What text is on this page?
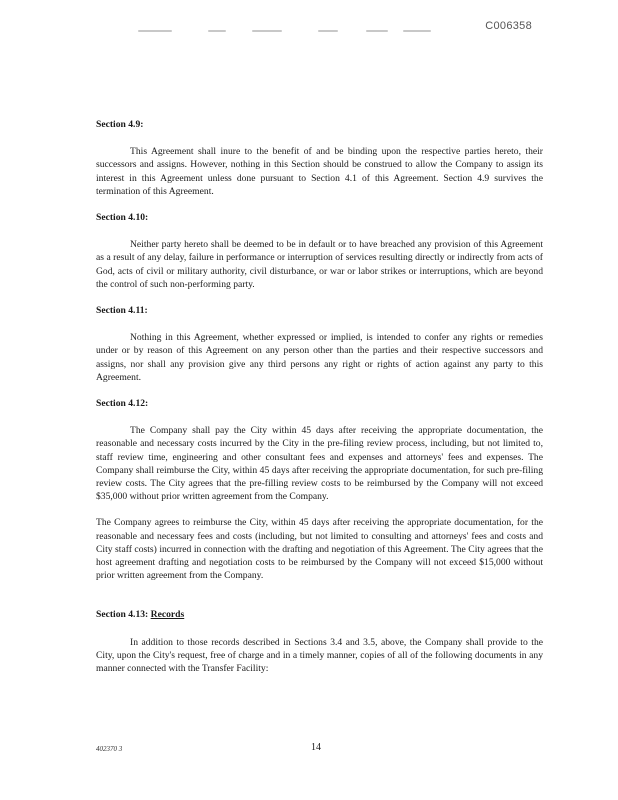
C006358

Section 4.9:

This Agreement shall inure to the benefit of and be binding upon the respective parties hereto, their successors and assigns. However, nothing in this Section should be construed to allow the Company to assign its interest in this Agreement unless done pursuant to Section 4.1 of this Agreement. Section 4.9 survives the termination of this Agreement.

Section 4.10:

Neither party hereto shall be deemed to be in default or to have breached any provision of this Agreement as a result of any delay, failure in performance or interruption of services resulting directly or indirectly from acts of God, acts of civil or military authority, civil disturbance, or war or labor strikes or interruptions, which are beyond the control of such non-performing party.

Section 4.11:

Nothing in this Agreement, whether expressed or implied, is intended to confer any rights or remedies under or by reason of this Agreement on any person other than the parties and their respective successors and assigns, nor shall any provision give any third persons any right or rights of action against any party to this Agreement.

Section 4.12:

The Company shall pay the City within 45 days after receiving the appropriate documentation, the reasonable and necessary costs incurred by the City in the pre-filing review process, including, but not limited to, staff review time, engineering and other consultant fees and expenses and attorneys' fees and expenses. The Company shall reimburse the City, within 45 days after receiving the appropriate documentation, for such pre-filing review costs. The City agrees that the pre-filling review costs to be reimbursed by the Company will not exceed $35,000 without prior written agreement from the Company.

The Company agrees to reimburse the City, within 45 days after receiving the appropriate documentation, for the reasonable and necessary fees and costs (including, but not limited to consulting and attorneys' fees and costs and City staff costs) incurred in connection with the drafting and negotiation of this Agreement. The City agrees that the host agreement drafting and negotiation costs to be reimbursed by the Company will not exceed $15,000 without prior written agreement from the Company.

Section 4.13: Records

In addition to those records described in Sections 3.4 and 3.5, above, the Company shall provide to the City, upon the City's request, free of charge and in a timely manner, copies of all of the following documents in any manner connected with the Transfer Facility:

402370 3	14
